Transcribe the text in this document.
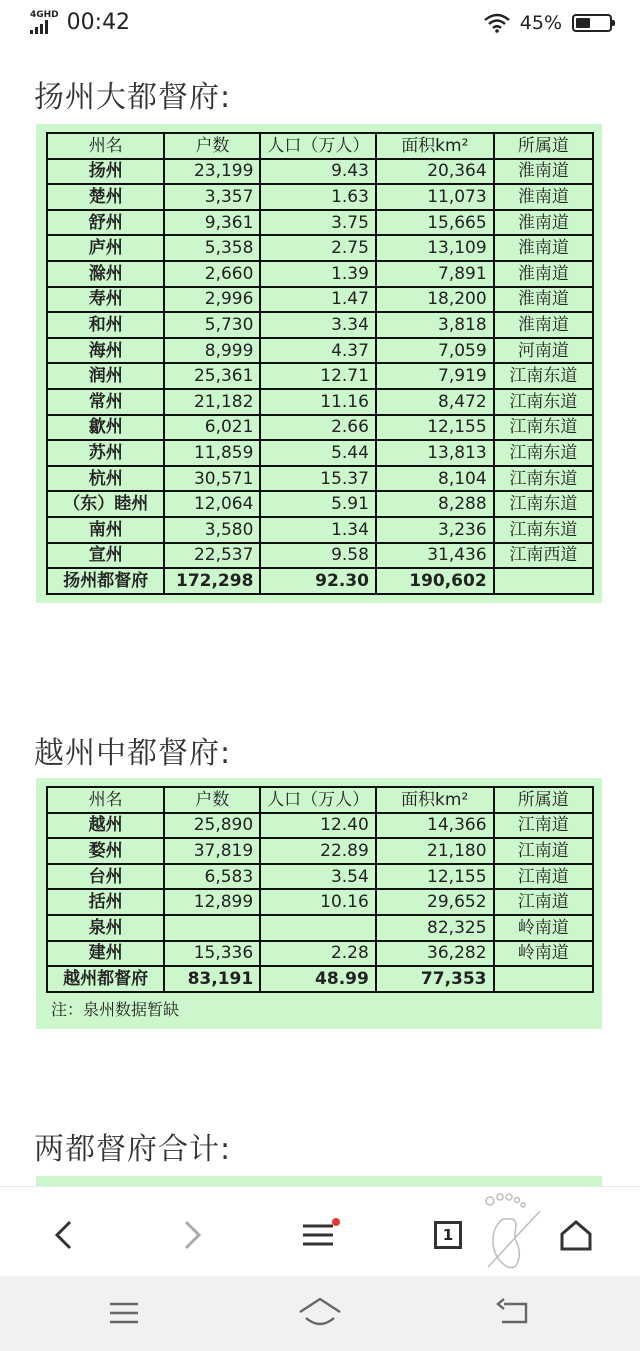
4GHD 00:42	45%
扬州大都督府:
州名	户数	人口（万人）	面积km²	所属道
扬州	23,199	9.43	20,364	淮南道
楚州	3,357	1.63	11,073	淮南道
舒州	9,361	3.75	15,665	淮南道
庐州	5,358	2.75	13,109	淮南道
滁州	2,660	1.39	7,891	淮南道
寿州	2,996	1.47	18,200	淮南道
和州	5,730	3.34	3,818	淮南道
海州	8,999	4.37	7,059	河南道
润州	25,361	12.71	7,919	江南东道
常州	21,182	11.16	8,472	江南东道
歙州	6,021	2.66	12,155	江南东道
苏州	11,859	5.44	13,813	江南东道
杭州	30,571	15.37	8,104	江南东道
（东）睦州	12,064	5.91	8,288	江南东道
南州	3,580	1.34	3,236	江南东道
宣州	22,537	9.58	31,436	江南西道
扬州都督府	172,298	92.30	190,602	
越州中都督府:
州名	户数	人口（万人）	面积km²	所属道
越州	25,890	12.40	14,366	江南道
婺州	37,819	22.89	21,180	江南道
台州	6,583	3.54	12,155	江南道
括州	12,899	10.16	29,652	江南道
泉州			82,325	岭南道
建州	15,336	2.28	36,282	岭南道
越州都督府	83,191	48.99	77,353	
注：泉州数据暂缺				
两都督府合计:
1
